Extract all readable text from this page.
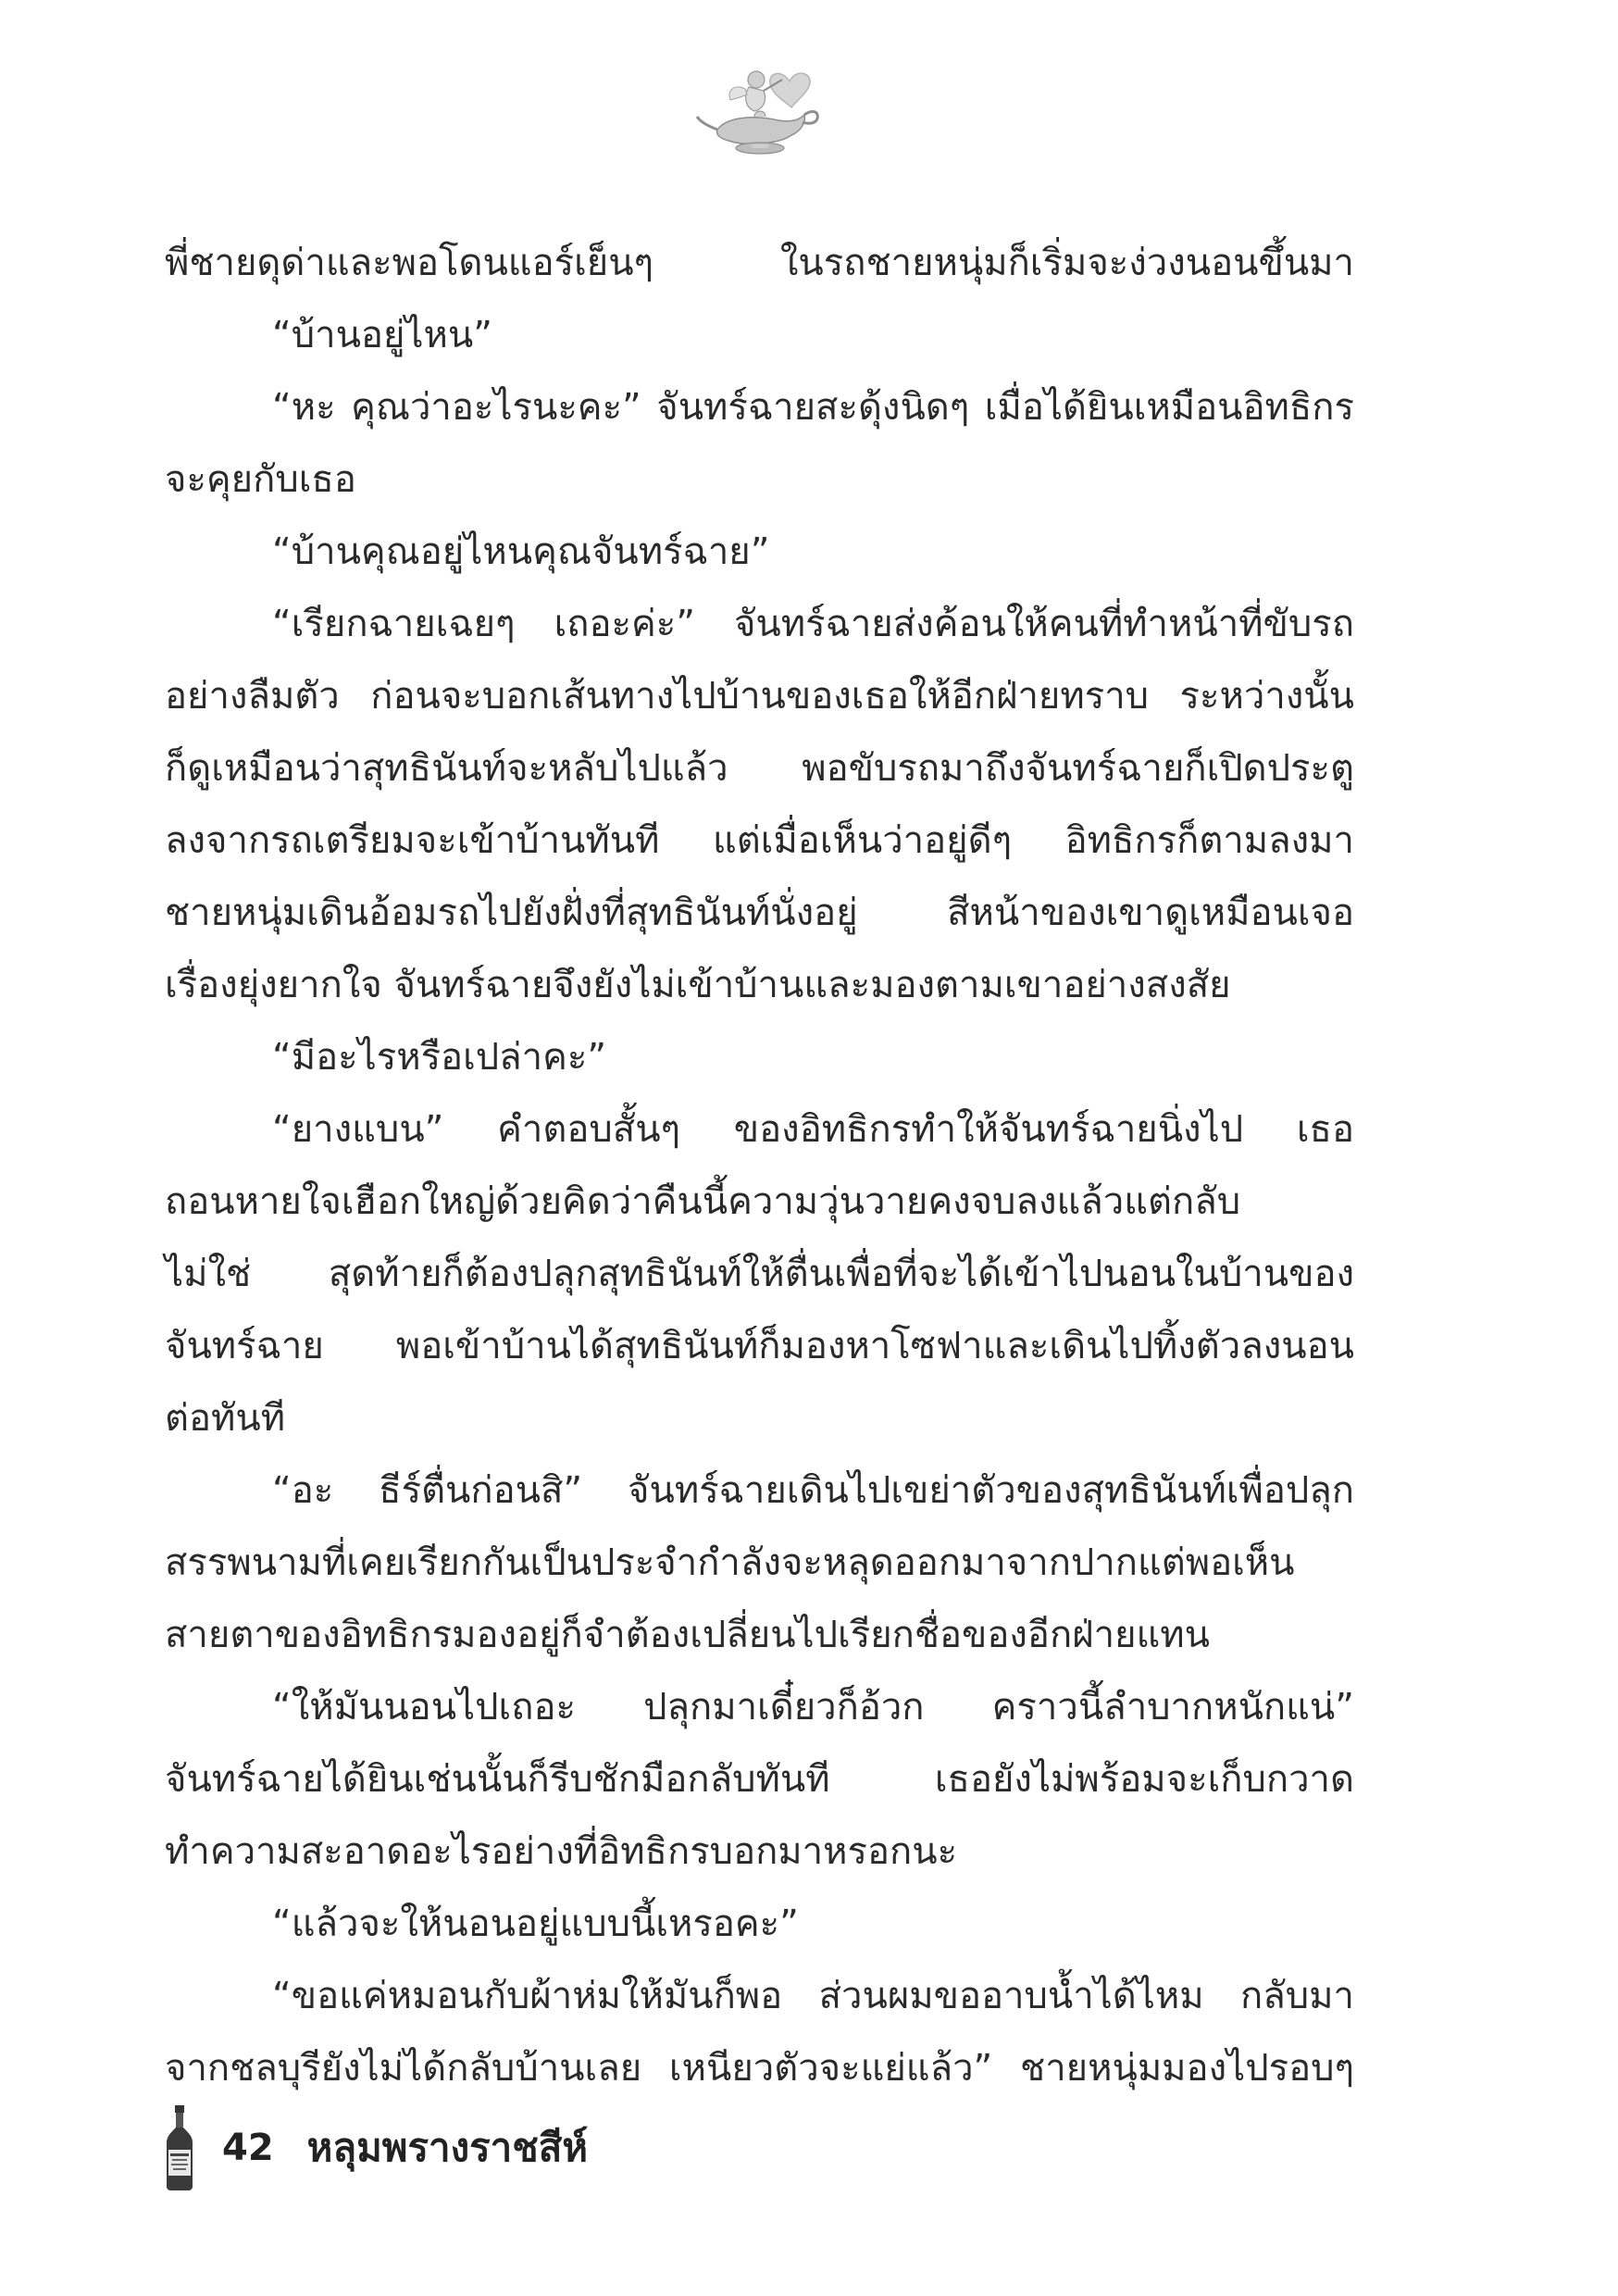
พี่ชายดุด่าและพอโดนแอร์เย็นๆ ในรถชายหนุ่มก็เริ่มจะง่วงนอนขึ้นมา
“บ้านอยู่ไหน”
“หะ คุณว่าอะไรนะคะ” จันทร์ฉายสะดุ้งนิดๆ เมื่อได้ยินเหมือนอิทธิกร
จะคุยกับเธอ
“บ้านคุณอยู่ไหนคุณจันทร์ฉาย”
“เรียกฉายเฉยๆ เถอะค่ะ” จันทร์ฉายส่งค้อนให้คนที่ทำหน้าที่ขับรถ
อย่างลืมตัว ก่อนจะบอกเส้นทางไปบ้านของเธอให้อีกฝ่ายทราบ ระหว่างนั้น
ก็ดูเหมือนว่าสุทธินันท์จะหลับไปแล้ว พอขับรถมาถึงจันทร์ฉายก็เปิดประตู
ลงจากรถเตรียมจะเข้าบ้านทันที แต่เมื่อเห็นว่าอยู่ดีๆ อิทธิกรก็ตามลงมา
ชายหนุ่มเดินอ้อมรถไปยังฝั่งที่สุทธินันท์นั่งอยู่ สีหน้าของเขาดูเหมือนเจอ
เรื่องยุ่งยากใจ จันทร์ฉายจึงยังไม่เข้าบ้านและมองตามเขาอย่างสงสัย
“มีอะไรหรือเปล่าคะ”
“ยางแบน” คำตอบสั้นๆ ของอิทธิกรทำให้จันทร์ฉายนิ่งไป เธอ
ถอนหายใจเฮือกใหญ่ด้วยคิดว่าคืนนี้ความวุ่นวายคงจบลงแล้วแต่กลับ
ไม่ใช่ สุดท้ายก็ต้องปลุกสุทธินันท์ให้ตื่นเพื่อที่จะได้เข้าไปนอนในบ้านของ
จันทร์ฉาย พอเข้าบ้านได้สุทธินันท์ก็มองหาโซฟาและเดินไปทิ้งตัวลงนอน
ต่อทันที
“อะ ธีร์ตื่นก่อนสิ” จันทร์ฉายเดินไปเขย่าตัวของสุทธินันท์เพื่อปลุก
สรรพนามที่เคยเรียกกันเป็นประจำกำลังจะหลุดออกมาจากปากแต่พอเห็น
สายตาของอิทธิกรมองอยู่ก็จำต้องเปลี่ยนไปเรียกชื่อของอีกฝ่ายแทน
“ให้มันนอนไปเถอะ ปลุกมาเดี๋ยวก็อ้วก คราวนี้ลำบากหนักแน่”
จันทร์ฉายได้ยินเช่นนั้นก็รีบชักมือกลับทันที เธอยังไม่พร้อมจะเก็บกวาด
ทำความสะอาดอะไรอย่างที่อิทธิกรบอกมาหรอกนะ
“แล้วจะให้นอนอยู่แบบนี้เหรอคะ”
“ขอแค่หมอนกับผ้าห่มให้มันก็พอ ส่วนผมขออาบน้ำได้ไหม กลับมา
จากชลบุรียังไม่ได้กลับบ้านเลย เหนียวตัวจะแย่แล้ว” ชายหนุ่มมองไปรอบๆ
42 หลุมพรางราชสีห์
